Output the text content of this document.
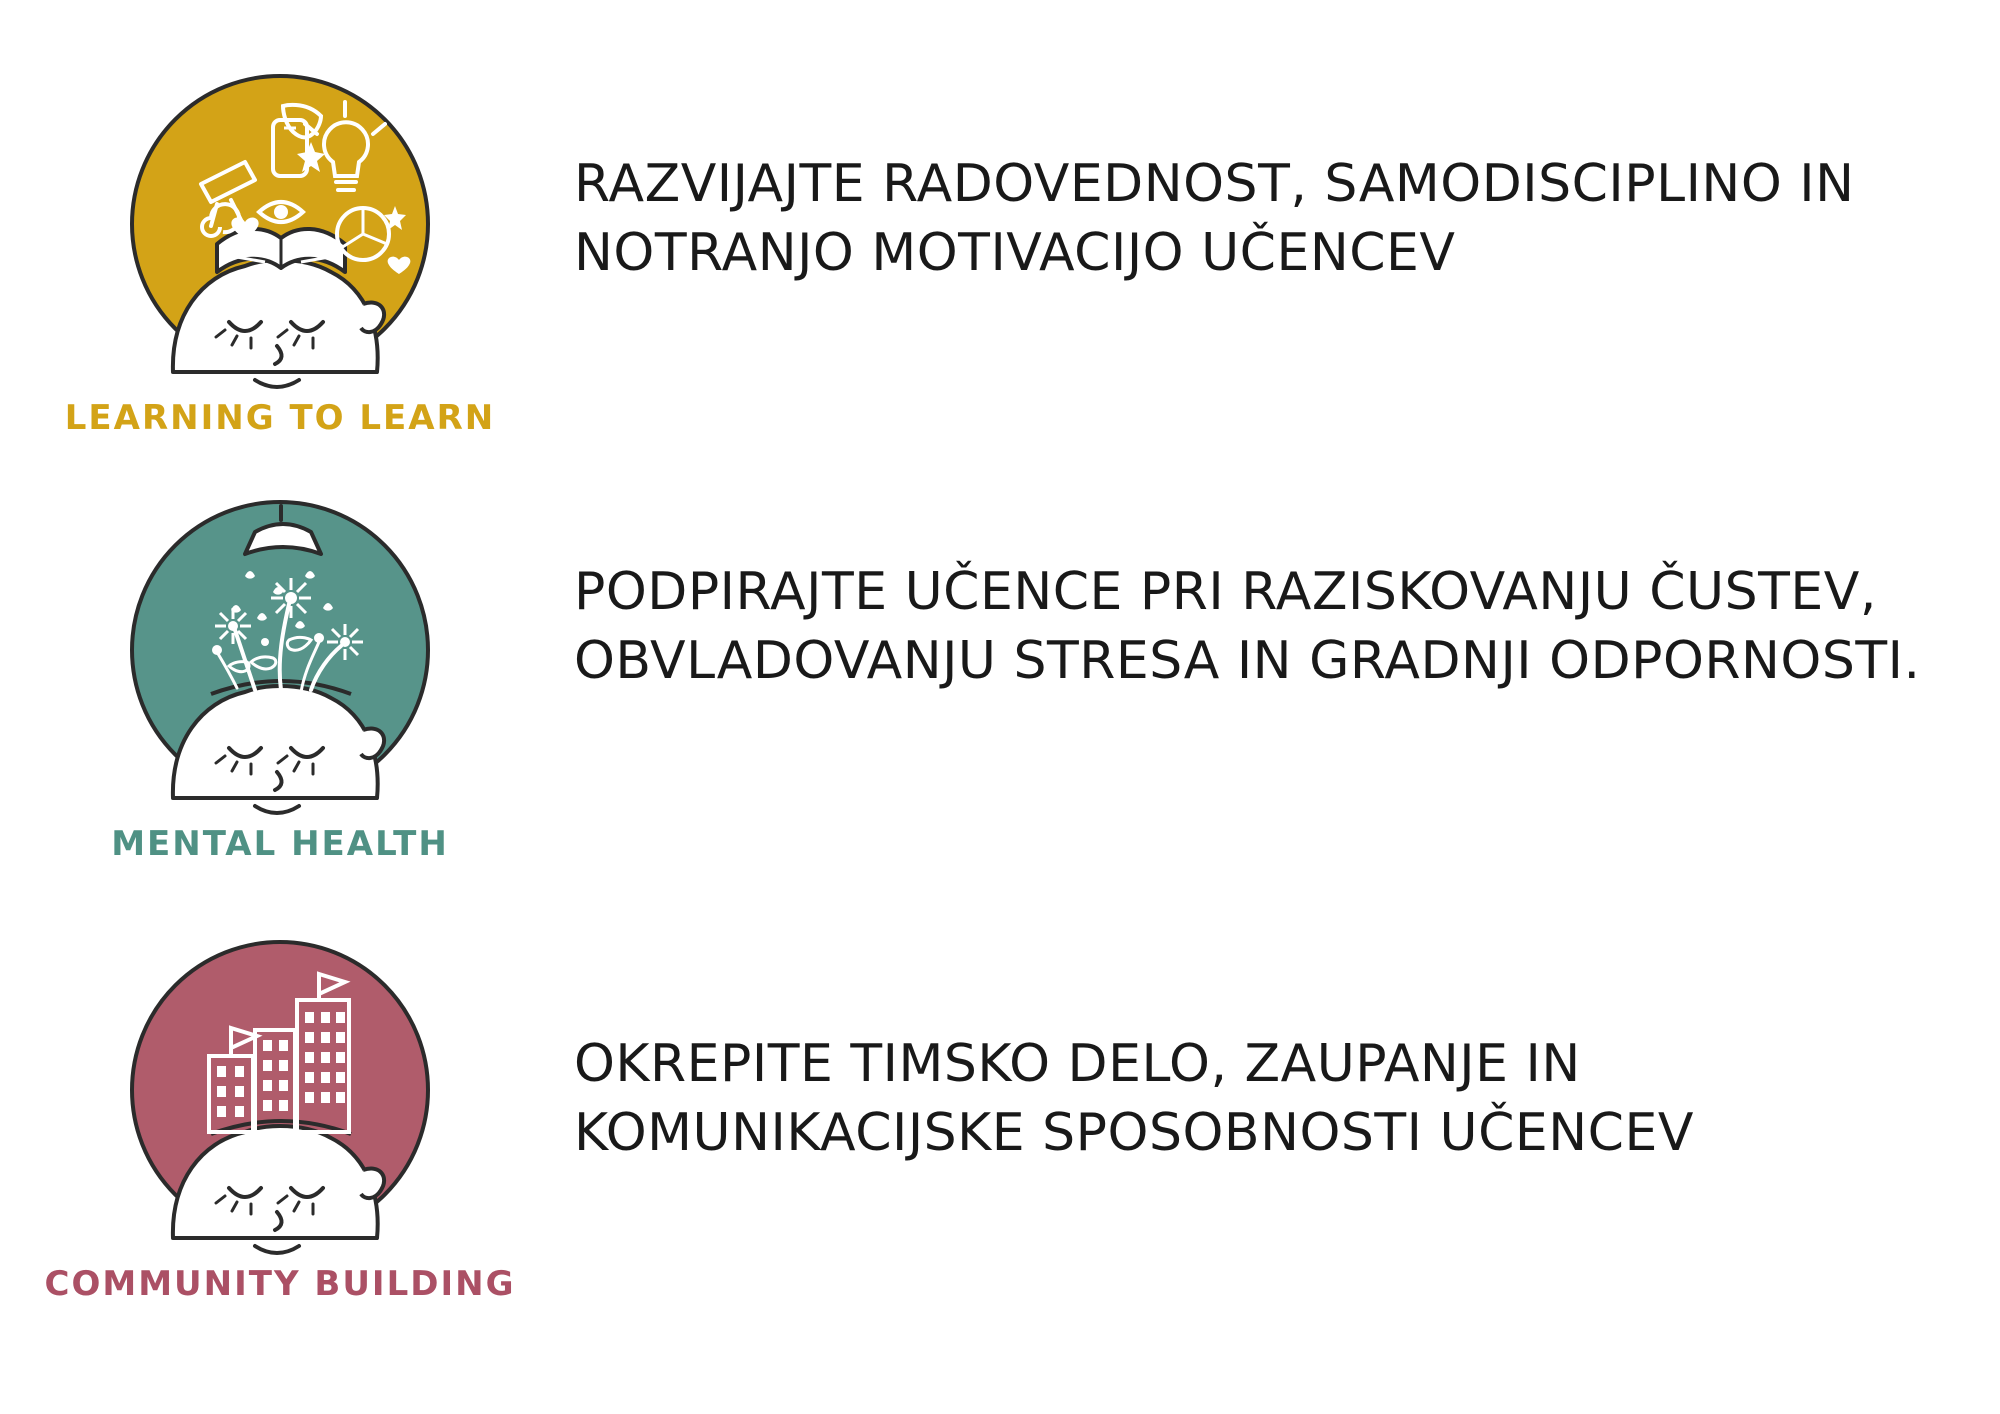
LEARNING TO LEARN

RAZVIJAJTE RADOVEDNOST, SAMODISCIPLINO IN NOTRANJO MOTIVACIJO UČENCEV

MENTAL HEALTH

PODPIRAJTE UČENCE PRI RAZISKOVANJU ČUSTEV, OBVLADOVANJU STRESA IN GRADNJI ODPORNOSTI.

COMMUNITY BUILDING

OKREPITE TIMSKO DELO, ZAUPANJE IN KOMUNIKACIJSKE SPOSOBNOSTI UČENCEV
